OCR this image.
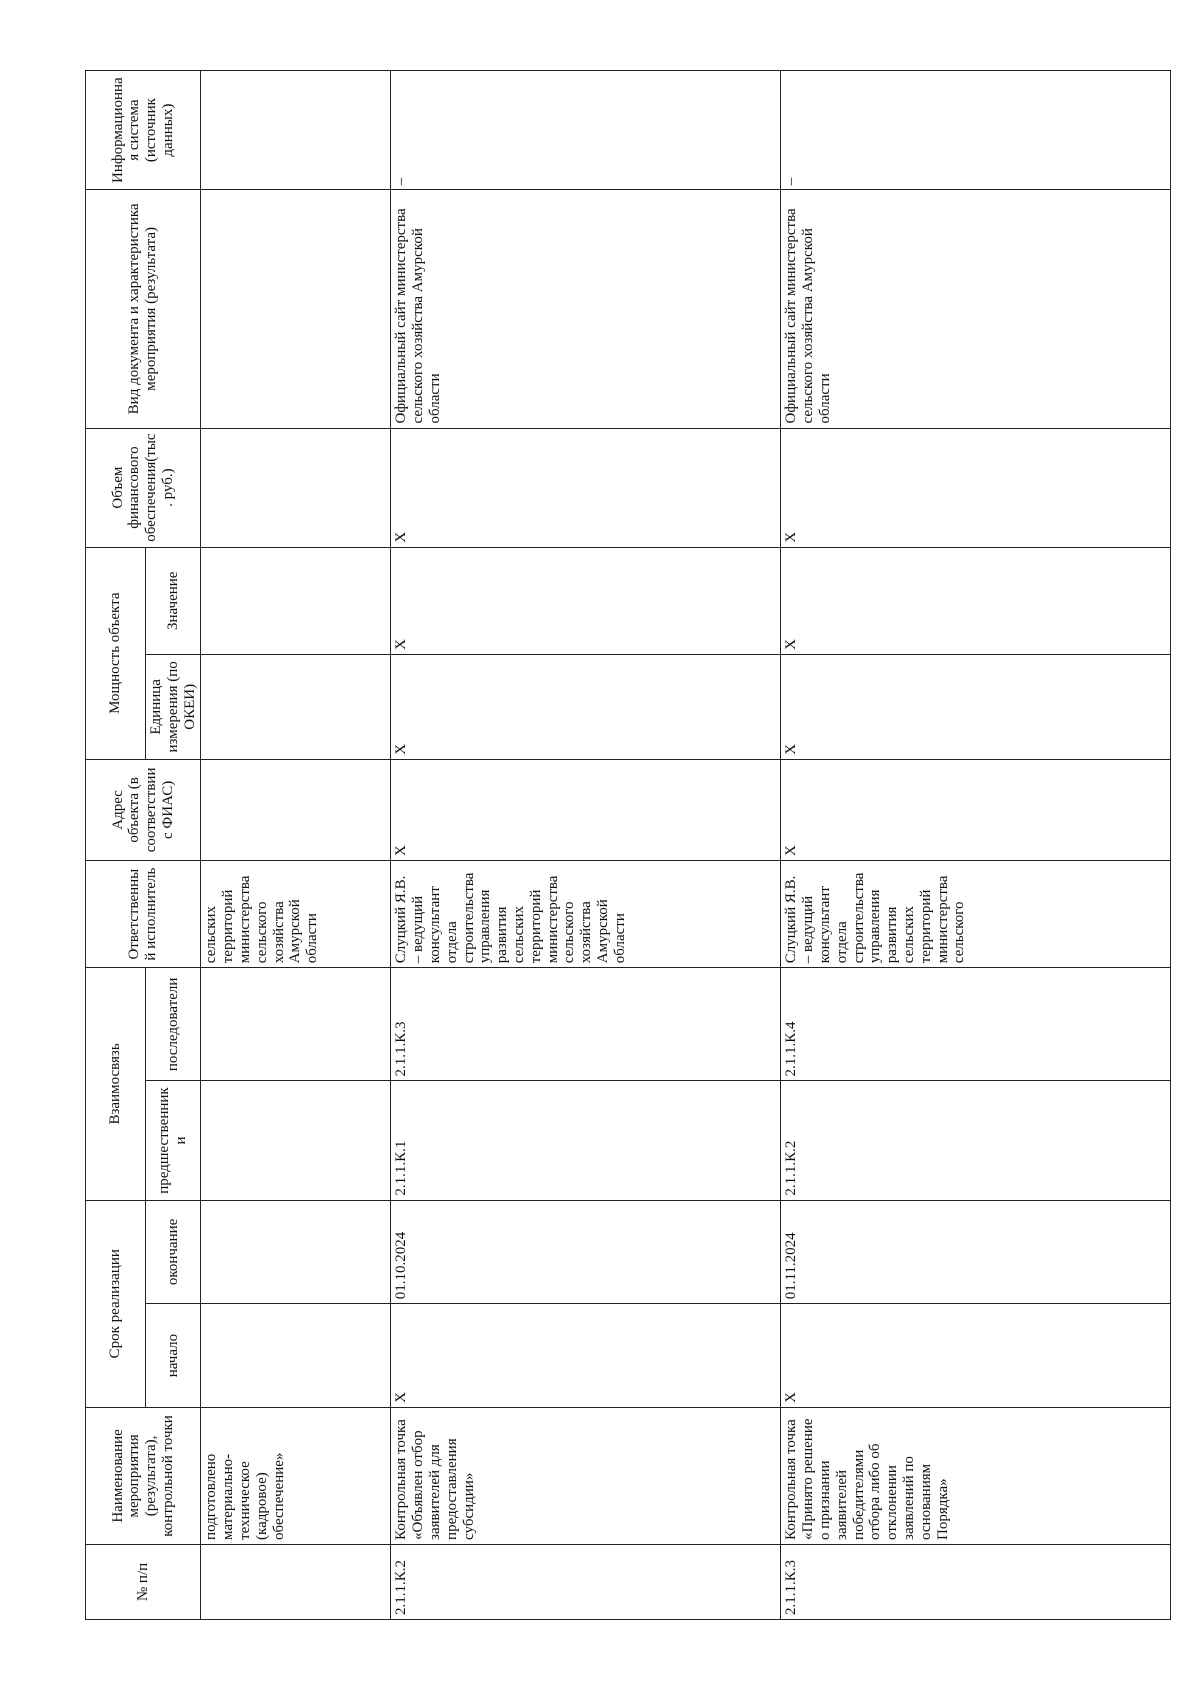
№ п/п	Наименование мероприятия (результата), контрольной точки	Срок реализации		Взаимосвязь		Ответственный исполнитель	Адрес объекта (в соответствии с ФИАС)	Мощность объекта		Объем финансового обеспечения(тыс. руб.)	Вид документа и характеристика мероприятия (результата)	Информационная система (источник данных)
		начало	окончание	предшественники	последователи			Единица измерения (по ОКЕИ)	Значение			
	подготовлено материально-техническое (кадровое) обеспечение»					сельских территорий министерства сельского хозяйства Амурской области						
2.1.1.К.2	Контрольная точка «Объявлен отбор заявителей для предоставления субсидии»	X	01.10.2024	2.1.1.К.1	2.1.1.К.3	Слуцкий Я.В. – ведущий консультант отдела строительства управления развития сельских территорий министерства сельского хозяйства Амурской области	X	X	X	X	Официальный сайт министерства сельского хозяйства Амурской области	–
2.1.1.К.3	Контрольная точка «Принято решение о признании заявителей победителями отбора либо об отклонении заявлений по основаниям Порядка»	X	01.11.2024	2.1.1.К.2	2.1.1.К.4	Слуцкий Я.В. – ведущий консультант отдела строительства управления развития сельских территорий министерства сельского	X	X	X	X	Официальный сайт министерства сельского хозяйства Амурской области	–
